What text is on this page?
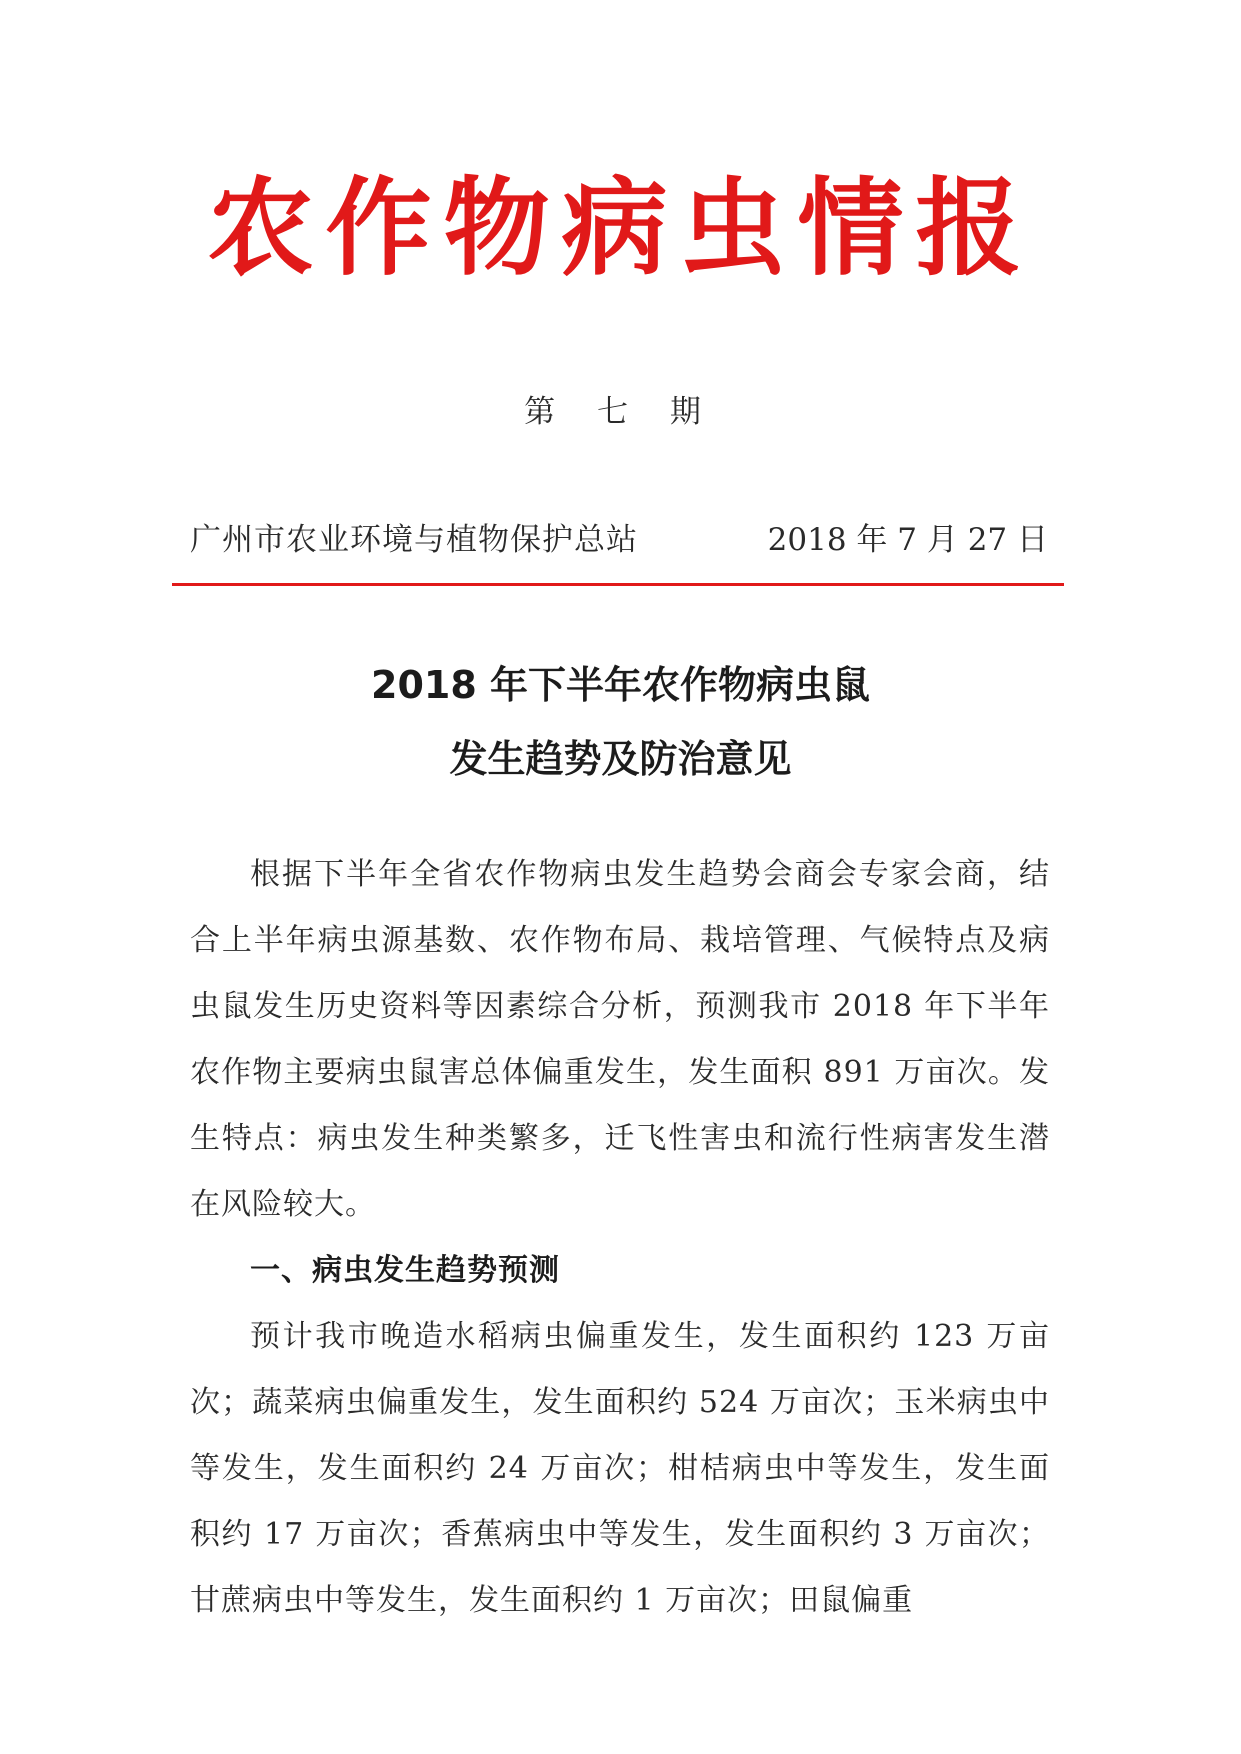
农作物病虫情报
第 七 期
广州市农业环境与植物保护总站	2018 年 7 月 27 日
2018 年下半年农作物病虫鼠
发生趋势及防治意见

根据下半年全省农作物病虫发生趋势会商会专家会商，结合上半年病虫源基数、农作物布局、栽培管理、气候特点及病虫鼠发生历史资料等因素综合分析，预测我市 2018 年下半年农作物主要病虫鼠害总体偏重发生，发生面积 891 万亩次。发生特点：病虫发生种类繁多，迁飞性害虫和流行性病害发生潜在风险较大。

一、病虫发生趋势预测

预计我市晚造水稻病虫偏重发生，发生面积约 123 万亩次；蔬菜病虫偏重发生，发生面积约 524 万亩次；玉米病虫中等发生，发生面积约 24 万亩次；柑桔病虫中等发生，发生面积约 17 万亩次；香蕉病虫中等发生，发生面积约 3 万亩次；甘蔗病虫中等发生，发生面积约 1 万亩次；田鼠偏重
